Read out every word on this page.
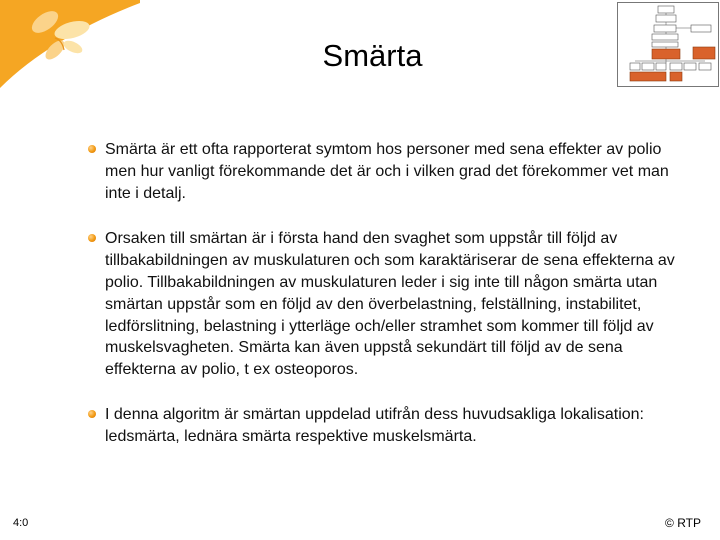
Smärta
Smärta är ett ofta rapporterat symtom hos personer med sena effekter av polio men hur vanligt förekommande det är och i vilken grad det förekommer vet man inte i detalj.
Orsaken till smärtan är i första hand den svaghet som uppstår till följd av tillbakabildningen av muskulaturen och som karaktäriserar de sena effekterna av polio. Tillbakabildningen av muskulaturen leder i sig inte till någon smärta utan smärtan uppstår som en följd av den överbelastning, felställning, instabilitet, ledförslitning, belastning i ytterläge och/eller stramhet som kommer till följd av muskelsvagheten. Smärta kan även uppstå sekundärt till följd av de sena effekterna av polio, t ex osteoporos.
I denna algoritm är smärtan uppdelad utifrån dess huvudsakliga lokalisation: ledsmärta, lednära smärta respektive muskelsmärta.
4:0	© RTP
